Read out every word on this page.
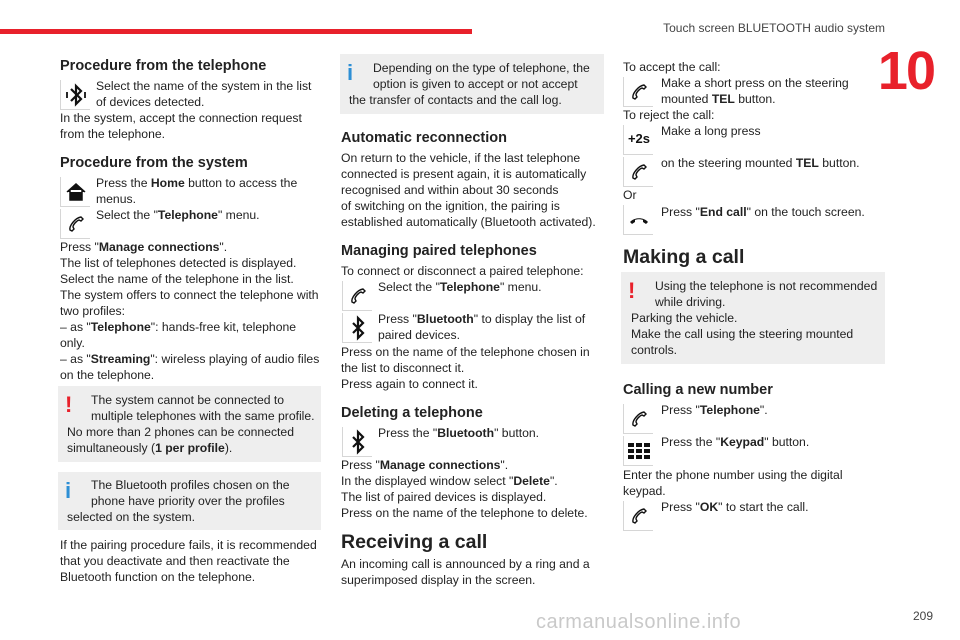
Touch screen BLUETOOTH audio system
10
Procedure from the telephone
Select the name of the system in the list
of devices detected.
In the system, accept the connection request
from the telephone.
Procedure from the system
Press the Home button to access the
menus.
Select the "Telephone" menu.
Press "Manage connections".
The list of telephones detected is displayed.
Select the name of the telephone in the list.
The system offers to connect the telephone with
two profiles:
– as "Telephone": hands-free kit, telephone
only.
– as "Streaming": wireless playing of audio files
on the telephone.
! The system cannot be connected to
multiple telephones with the same profile.
No more than 2 phones can be connected
simultaneously (1 per profile).
i The Bluetooth profiles chosen on the
phone have priority over the profiles
selected on the system.
If the pairing procedure fails, it is recommended
that you deactivate and then reactivate the
Bluetooth function on the telephone.
i Depending on the type of telephone, the
option is given to accept or not accept
the transfer of contacts and the call log.
Automatic reconnection
On return to the vehicle, if the last telephone
connected is present again, it is automatically
recognised and within about 30 seconds
of switching on the ignition, the pairing is
established automatically (Bluetooth activated).
Managing paired telephones
To connect or disconnect a paired telephone:
Select the "Telephone" menu.
Press "Bluetooth" to display the list of
paired devices.
Press on the name of the telephone chosen in
the list to disconnect it.
Press again to connect it.
Deleting a telephone
Press the "Bluetooth" button.
Press "Manage connections".
In the displayed window select "Delete".
The list of paired devices is displayed.
Press on the name of the telephone to delete.
Receiving a call
An incoming call is announced by a ring and a
superimposed display in the screen.
To accept the call:
Make a short press on the steering
mounted TEL button.
To reject the call:
+2s Make a long press
on the steering mounted TEL button.
Or
Press "End call" on the touch screen.
Making a call
! Using the telephone is not recommended
while driving.
Parking the vehicle.
Make the call using the steering mounted
controls.
Calling a new number
Press "Telephone".
Press the "Keypad" button.
Enter the phone number using the digital
keypad.
Press "OK" to start the call.
carmanualsonline.info	209
